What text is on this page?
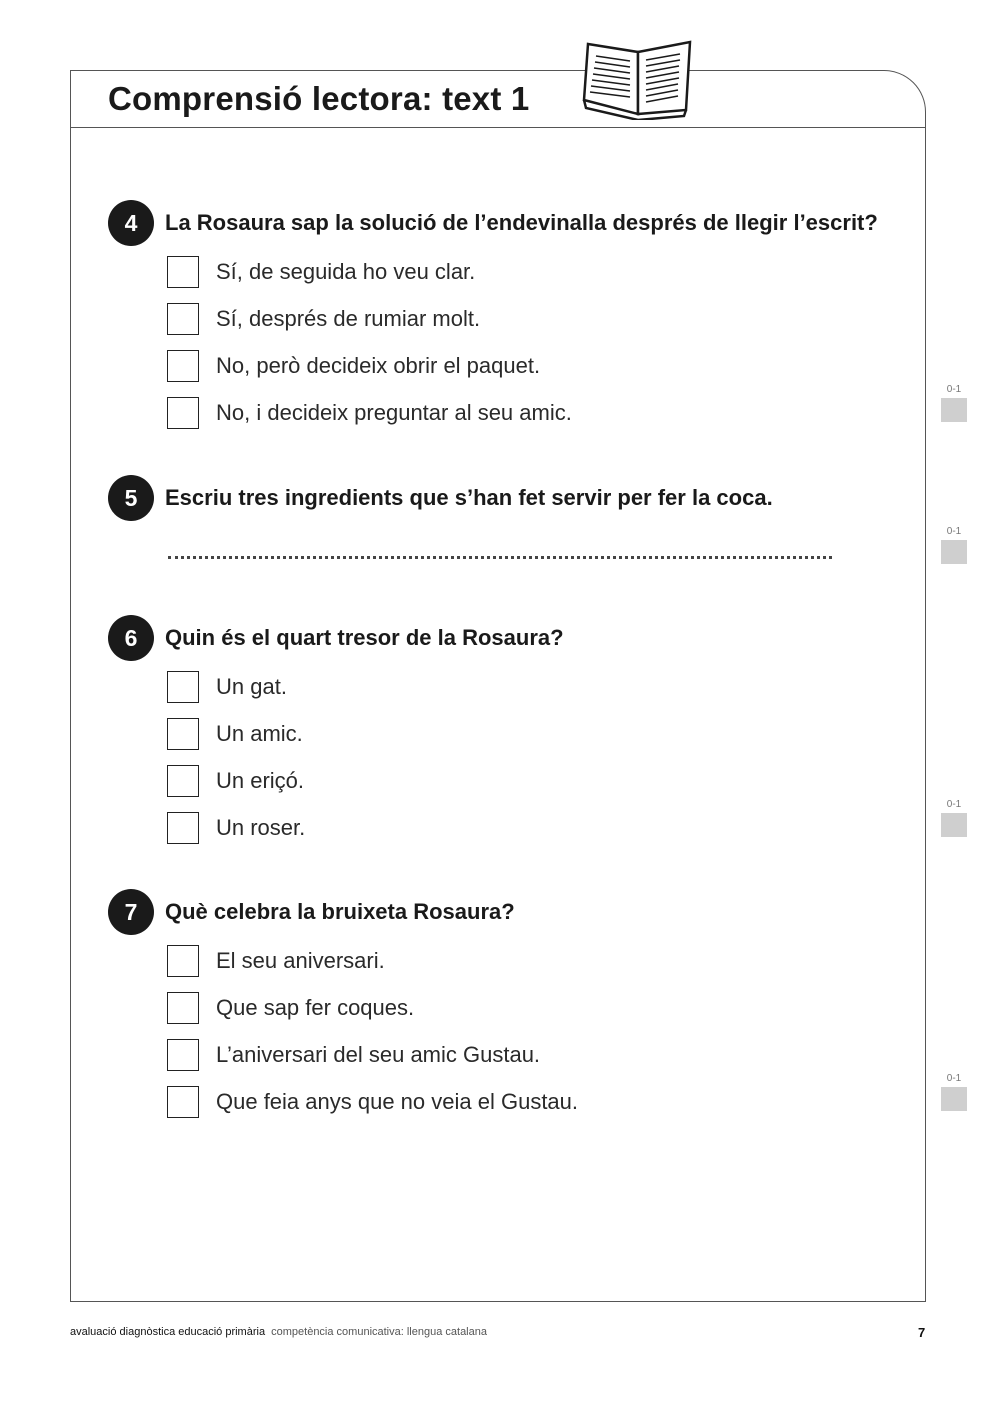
Comprensió lectora: text 1
4	La Rosaura sap la solució de l’endevinalla després de llegir l’escrit?

Sí, de seguida ho veu clar.
Sí, després de rumiar molt.
No, però decideix obrir el paquet.
No, i decideix preguntar al seu amic.
5	Escriu tres ingredients que s’han fet servir per fer la coca.

6	Quin és el quart tresor de la Rosaura?

Un gat.
Un amic.
Un eriçó.
Un roser.
7	Què celebra la bruixeta Rosaura?

El seu aniversari.
Que sap fer coques.
L’aniversari del seu amic Gustau.
Que feia anys que no veia el Gustau.
0-1
0-1
0-1
0-1
avaluació diagnòstica educació primària competència comunicativa: llengua catalana	7
